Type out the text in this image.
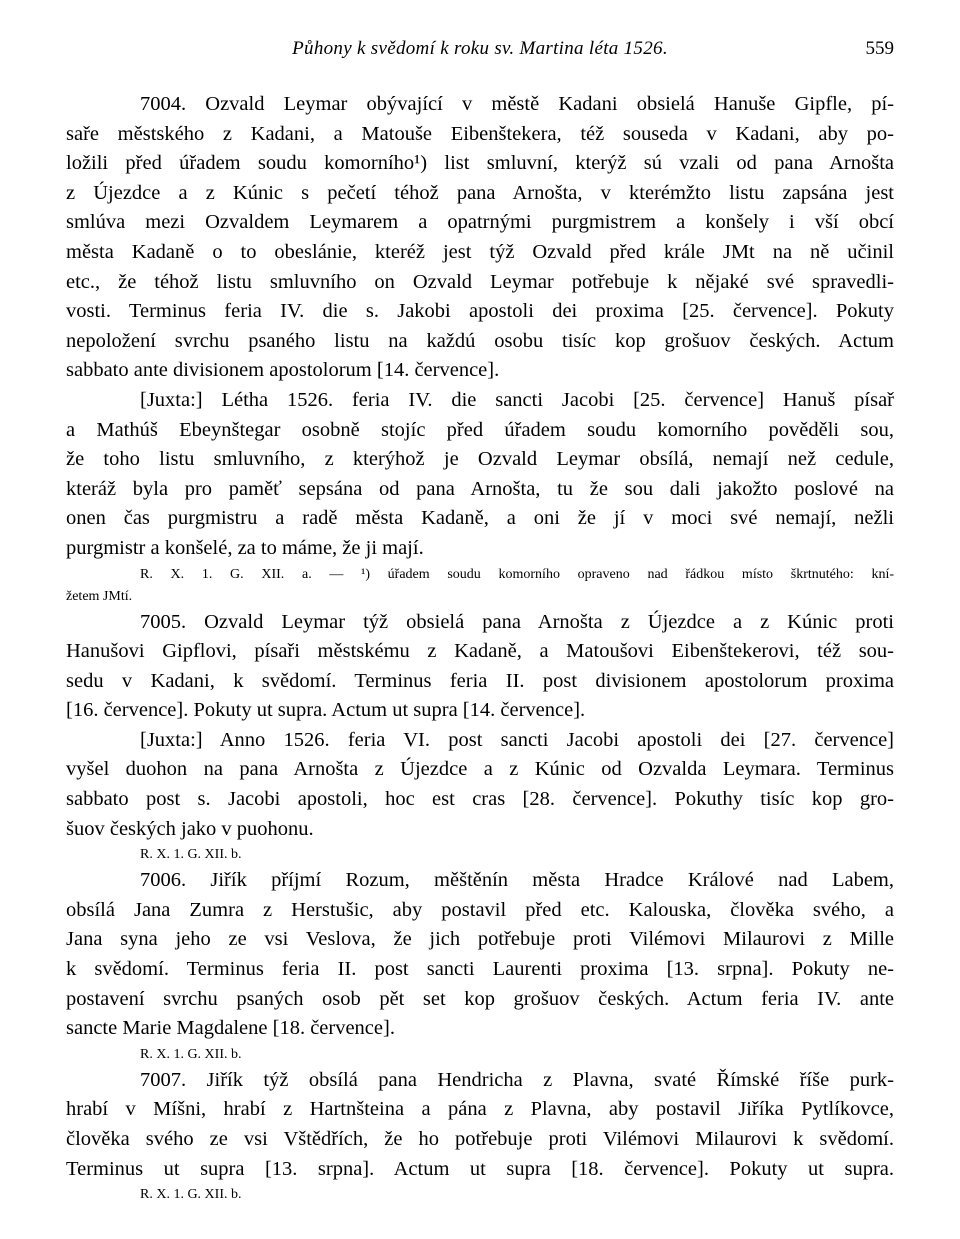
Půhony k svědomí k roku sv. Martina léta 1526.	559
7004. Ozvald Leymar obývající v městě Kadani obsielá Hanuše Gipfle, pí-
saře městského z Kadani, a Matouše Eibenštekera, též souseda v Kadani, aby po-
ložili před úřadem soudu komorního¹) list smluvní, kterýž sú vzali od pana Arnošta
z Újezdce a z Kúnic s pečetí téhož pana Arnošta, v kterémžto listu zapsána jest
smlúva mezi Ozvaldem Leymarem a opatrnými purgmistrem a konšely i vší obcí
města Kadaně o to obeslánie, kteréž jest týž Ozvald před krále JMt na ně učinil
etc., že téhož listu smluvního on Ozvald Leymar potřebuje k nějaké své spravedli-
vosti. Terminus feria IV. die s. Jakobi apostoli dei proxima [25. července]. Pokuty
nepoložení svrchu psaného listu na každú osobu tisíc kop grošuov českých. Actum
sabbato ante divisionem apostolorum [14. července].
[Juxta:] Létha 1526. feria IV. die sancti Jacobi [25. července] Hanuš písař
a Mathúš Ebeynštegar osobně stojíc před úřadem soudu komorního pověděli sou,
že toho listu smluvního, z kterýhož je Ozvald Leymar obsílá, nemají než cedule,
kteráž byla pro paměť sepsána od pana Arnošta, tu že sou dali jakožto poslové na
onen čas purgmistru a radě města Kadaně, a oni že jí v moci své nemají, nežli
purgmistr a konšelé, za to máme, že ji mají.
R. X. 1. G. XII. a. — ¹) úřadem soudu komorního opraveno nad řádkou místo škrtnutého: kní-
žetem JMtí.
7005. Ozvald Leymar týž obsielá pana Arnošta z Újezdce a z Kúnic proti
Hanušovi Gipflovi, písaři městskému z Kadaně, a Matoušovi Eibenštekerovi, též sou-
sedu v Kadani, k svědomí. Terminus feria II. post divisionem apostolorum proxima
[16. července]. Pokuty ut supra. Actum ut supra [14. července].
[Juxta:] Anno 1526. feria VI. post sancti Jacobi apostoli dei [27. července]
vyšel duohon na pana Arnošta z Újezdce a z Kúnic od Ozvalda Leymara. Terminus
sabbato post s. Jacobi apostoli, hoc est cras [28. července]. Pokuthy tisíc kop gro-
šuov českých jako v puohonu.
R. X. 1. G. XII. b.
7006. Jiřík příjmí Rozum, měštěnín města Hradce Králové nad Labem,
obsílá Jana Zumra z Herstušic, aby postavil před etc. Kalouska, člověka svého, a
Jana syna jeho ze vsi Veslova, že jich potřebuje proti Vilémovi Milaurovi z Mille
k svědomí. Terminus feria II. post sancti Laurenti proxima [13. srpna]. Pokuty ne-
postavení svrchu psaných osob pět set kop grošuov českých. Actum feria IV. ante
sancte Marie Magdalene [18. července].
R. X. 1. G. XII. b.
7007. Jiřík týž obsílá pana Hendricha z Plavna, svaté Římské říše purk-
hrabí v Míšni, hrabí z Hartnšteina a pána z Plavna, aby postavil Jiříka Pytlíkovce,
člověka svého ze vsi Vštědřích, že ho potřebuje proti Vilémovi Milaurovi k svědomí.
Terminus ut supra [13. srpna]. Actum ut supra [18. července]. Pokuty ut supra.
R. X. 1. G. XII. b.
